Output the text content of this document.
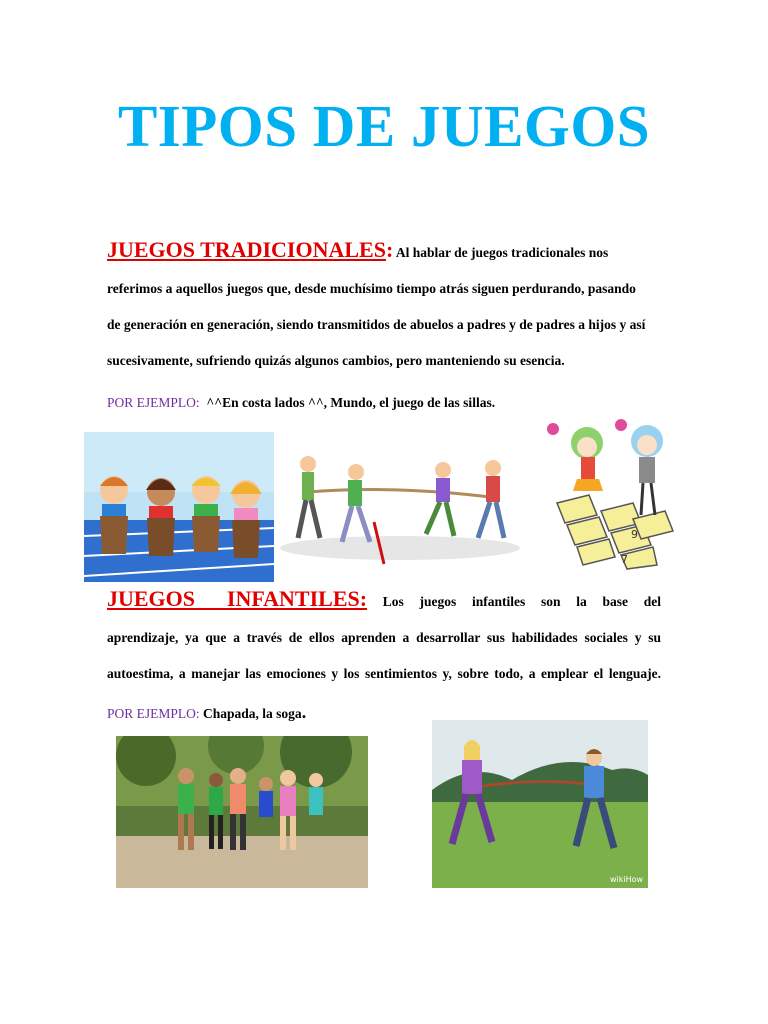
TIPOS DE JUEGOS
JUEGOS TRADICIONALES: Al hablar de juegos tradicionales nos
referimos a aquellos juegos que, desde muchísimo tiempo atrás siguen perdurando, pasando
de generación en generación, siendo transmitidos de abuelos a padres y de padres a hijos y así
sucesivamente, sufriendo quizás algunos cambios, pero manteniendo su esencia.
POR EJEMPLO:  ^^En costa lados ^^, Mundo, el juego de las sillas.
9
7
JUEGOS INFANTILES: Los juegos infantiles son la base del
aprendizaje, ya que a través de ellos aprenden a desarrollar sus habilidades sociales y su
autoestima, a manejar las emociones y los sentimientos y, sobre todo, a emplear el lenguaje.
POR EJEMPLO: Chapada, la soga.
wikiHow
